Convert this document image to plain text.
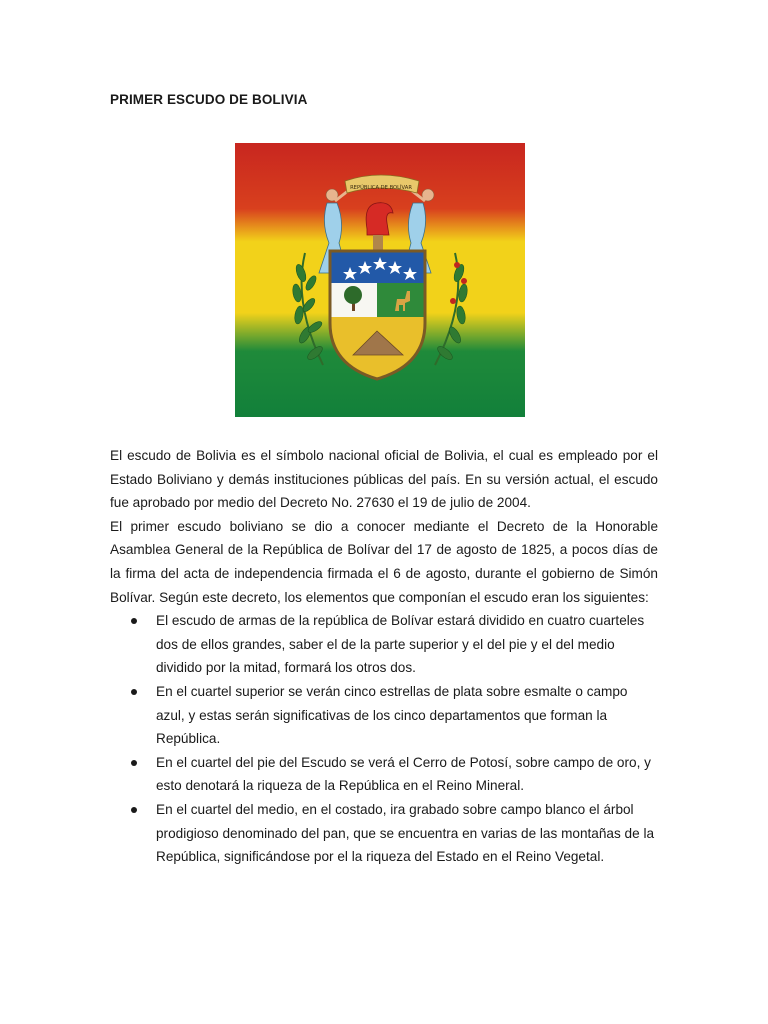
PRIMER ESCUDO DE BOLIVIA
REPÚBLICA DE BOLÍVAR

El escudo de Bolivia es el símbolo nacional oficial de Bolivia, el cual es empleado por el Estado Boliviano y demás instituciones públicas del país. En su versión actual, el escudo fue aprobado por medio del Decreto No. 27630 el 19 de julio de 2004.

El primer escudo boliviano se dio a conocer mediante el Decreto de la Honorable Asamblea General de la República de Bolívar del 17 de agosto de 1825, a pocos días de la firma del acta de independencia firmada el 6 de agosto, durante el gobierno de Simón Bolívar. Según este decreto, los elementos que componían el escudo eran los siguientes:

El escudo de armas de la república de Bolívar estará dividido en cuatro cuarteles dos de ellos grandes, saber el de la parte superior y el del pie y el del medio dividido por la mitad, formará los otros dos.
En el cuartel superior se verán cinco estrellas de plata sobre esmalte o campo azul, y estas serán significativas de los cinco departamentos que forman la República.
En el cuartel del pie del Escudo se verá el Cerro de Potosí, sobre campo de oro, y esto denotará la riqueza de la República en el Reino Mineral.
En el cuartel del medio, en el costado, ira grabado sobre campo blanco el árbol prodigioso denominado del pan, que se encuentra en varias de las montañas de la República, significándose por el la riqueza del Estado en el Reino Vegetal.
